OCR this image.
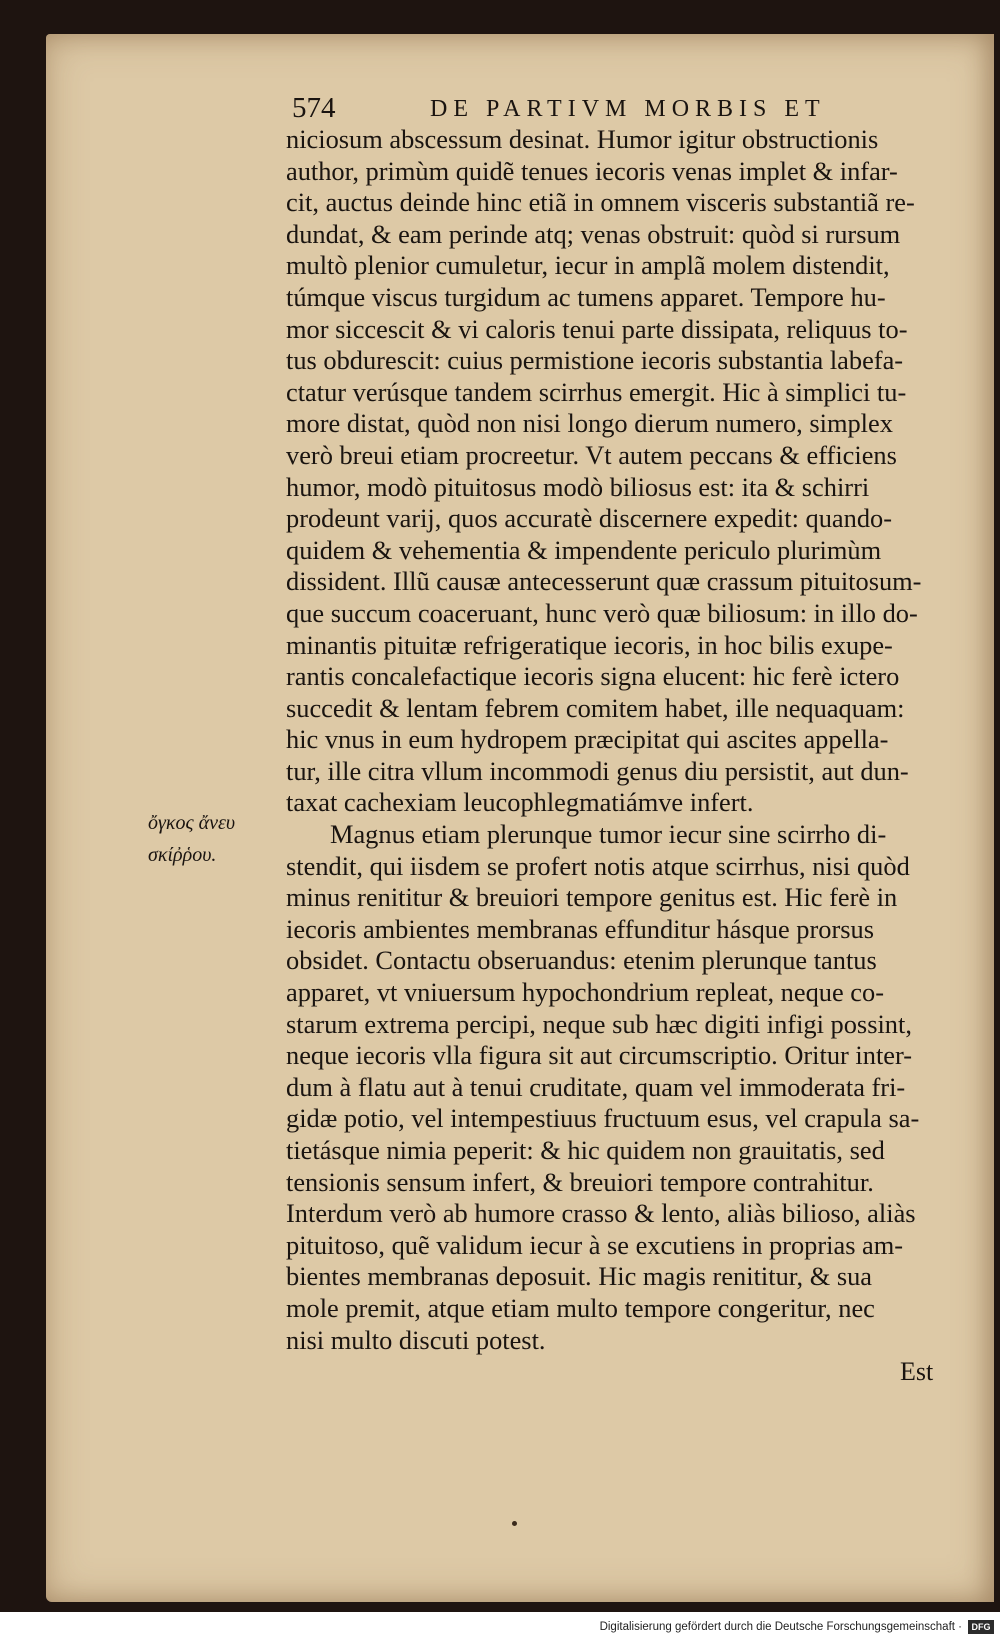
574	DE PARTIVM MORBIS ET
niciosum abscessum desinat. Humor igitur obstructionis
author, primùm quidẽ tenues iecoris venas implet & infar-
cit, auctus deinde hinc etiã in omnem visceris substantiã re-
dundat, & eam perinde atq; venas obstruit: quòd si rursum
multò plenior cumuletur, iecur in amplã molem distendit,
túmque viscus turgidum ac tumens apparet. Tempore hu-
mor siccescit & vi caloris tenui parte dissipata, reliquus to-
tus obdurescit: cuius permistione iecoris substantia labefa-
ctatur verúsque tandem scirrhus emergit. Hic à simplici tu-
more distat, quòd non nisi longo dierum numero, simplex
verò breui etiam procreetur. Vt autem peccans & efficiens
humor, modò pituitosus modò biliosus est: ita & schirri
prodeunt varij, quos accuratè discernere expedit: quando-
quidem & vehementia & impendente periculo plurimùm
dissident. Illũ causæ antecesserunt quæ crassum pituitosum-
que succum coaceruant, hunc verò quæ biliosum: in illo do-
minantis pituitæ refrigeratique iecoris, in hoc bilis exupe-
rantis concalefactique iecoris signa elucent: hic ferè ictero
succedit & lentam febrem comitem habet, ille nequaquam:
hic vnus in eum hydropem præcipitat qui ascites appella-
tur, ille citra vllum incommodi genus diu persistit, aut dun-
taxat cachexiam leucophlegmatiámve infert.
Magnus etiam plerunque tumor iecur sine scirrho di-
stendit, qui iisdem se profert notis atque scirrhus, nisi quòd
minus renititur & breuiori tempore genitus est. Hic ferè in
iecoris ambientes membranas effunditur hásque prorsus
obsidet. Contactu obseruandus: etenim plerunque tantus
apparet, vt vniuersum hypochondrium repleat, neque co-
starum extrema percipi, neque sub hæc digiti infigi possint,
neque iecoris vlla figura sit aut circumscriptio. Oritur inter-
dum à flatu aut à tenui cruditate, quam vel immoderata fri-
gidæ potio, vel intempestiuus fructuum esus, vel crapula sa-
tietásque nimia peperit: & hic quidem non grauitatis, sed
tensionis sensum infert, & breuiori tempore contrahitur.
Interdum verò ab humore crasso & lento, aliàs bilioso, aliàs
pituitoso, quẽ validum iecur à se excutiens in proprias am-
bientes membranas deposuit. Hic magis renititur, & sua
mole premit, atque etiam multo tempore congeritur, nec
nisi multo discuti potest.
ὄγκος ἄνευ
σκίῤῥου.
Est
Digitalisierung gefördert durch die Deutsche Forschungsgemeinschaft ·	DFG
